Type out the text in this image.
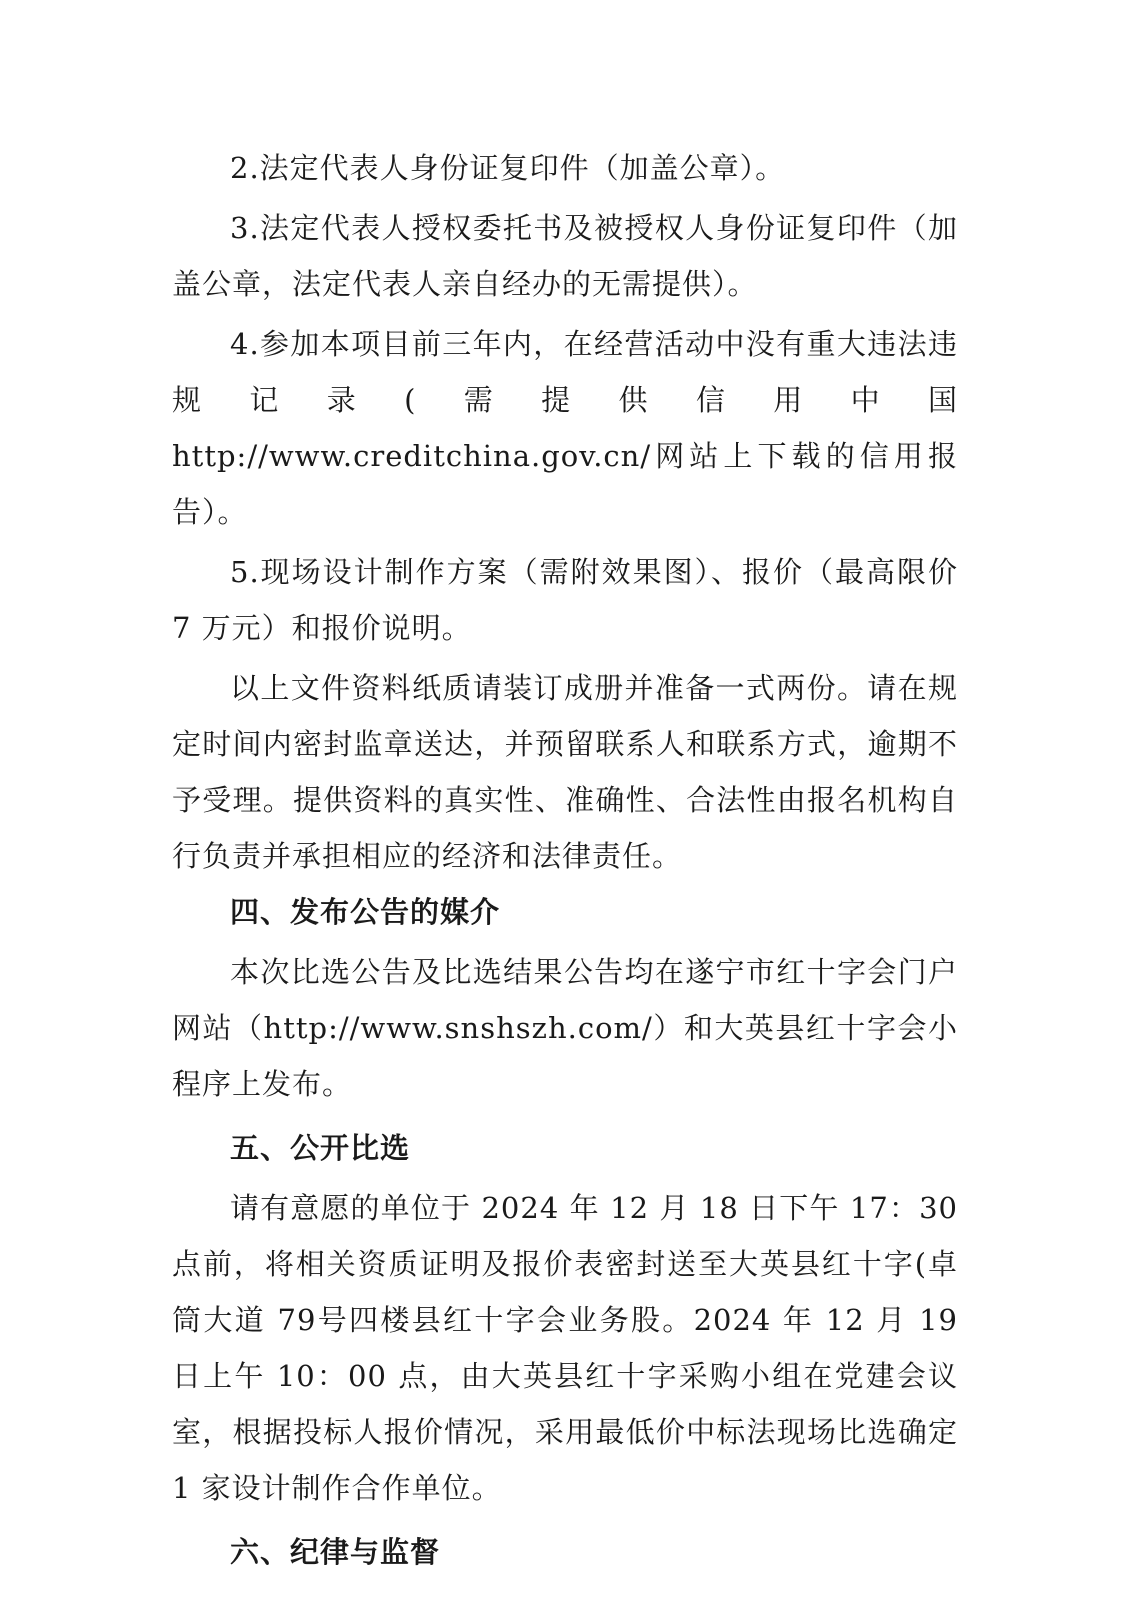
2.法定代表人身份证复印件（加盖公章）。

3.法定代表人授权委托书及被授权人身份证复印件（加盖公章，法定代表人亲自经办的无需提供）。

4.参加本项目前三年内，在经营活动中没有重大违法违规记录(需提供信用中国 http://www.creditchina.gov.cn/网站上下载的信用报告）。

5.现场设计制作方案（需附效果图）、报价（最高限价 7 万元）和报价说明。

以上文件资料纸质请装订成册并准备一式两份。请在规定时间内密封监章送达，并预留联系人和联系方式，逾期不予受理。提供资料的真实性、准确性、合法性由报名机构自行负责并承担相应的经济和法律责任。

四、发布公告的媒介

本次比选公告及比选结果公告均在遂宁市红十字会门户网站（http://www.snshszh.com/）和大英县红十字会小程序上发布。

五、公开比选

请有意愿的单位于 2024 年 12 月 18 日下午 17：30 点前，将相关资质证明及报价表密封送至大英县红十字(卓筒大道 79号四楼县红十字会业务股。2024 年 12 月 19 日上午 10：00 点，由大英县红十字采购小组在党建会议室，根据投标人报价情况，采用最低价中标法现场比选确定 1 家设计制作合作单位。

六、纪律与监督
